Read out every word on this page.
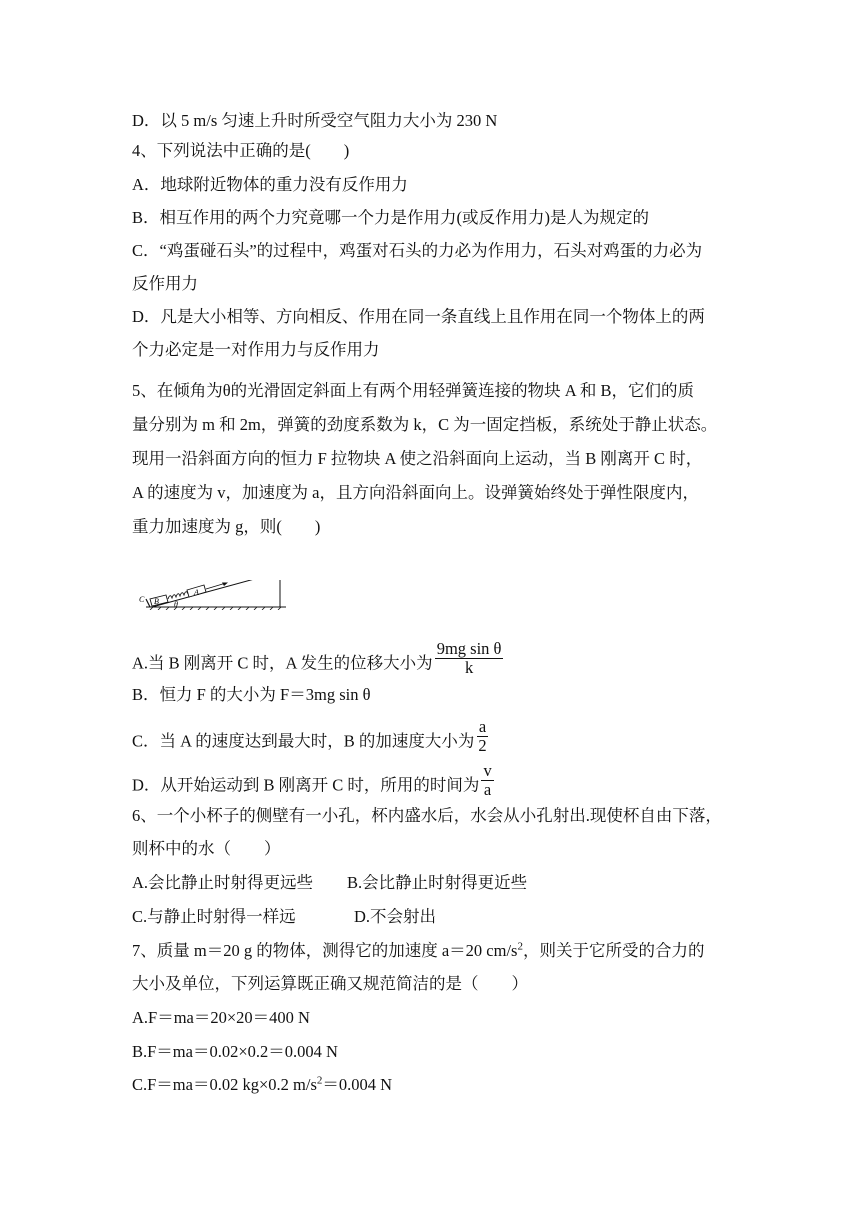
D．以 5 m/s 匀速上升时所受空气阻力大小为 230 N
4、下列说法中正确的是(　　)
A．地球附近物体的重力没有反作用力
B．相互作用的两个力究竟哪一个力是作用力(或反作用力)是人为规定的
C．“鸡蛋碰石头”的过程中，鸡蛋对石头的力必为作用力，石头对鸡蛋的力必为
反作用力
D．凡是大小相等、方向相反、作用在同一条直线上且作用在同一个物体上的两
个力必定是一对作用力与反作用力
5、在倾角为θ的光滑固定斜面上有两个用轻弹簧连接的物块 A 和 B，它们的质
量分别为 m 和 2m，弹簧的劲度系数为 k，C 为一固定挡板，系统处于静止状态。
现用一沿斜面方向的恒力 F 拉物块 A 使之沿斜面向上运动，当 B 刚离开 C 时，
A 的速度为 v，加速度为 a，且方向沿斜面向上。设弹簧始终处于弹性限度内，
重力加速度为 g，则(　　)
C B
A
θ
A.当 B 刚离开 C 时，A 发生的位移大小为 $\frac{\text{9mg sin θ}}{k}$
B．恒力 F 的大小为 F＝3mg sin θ
C．当 A 的速度达到最大时，B 的加速度大小为 $\frac{a}{2}$
D．从开始运动到 B 刚离开 C 时，所用的时间为 $\frac{v}{a}$
6、一个小杯子的侧壁有一小孔，杯内盛水后，水会从小孔射出.现使杯自由下落，
则杯中的水（　　）
A.会比静止时射得更远些 B.会比静止时射得更近些
C.与静止时射得一样远	D.不会射出
7、质量 m＝20 g 的物体，测得它的加速度 a＝20 $cm/s^2$，则关于它所受的合力的
大小及单位，下列运算既正确又规范简洁的是（　　）
A.F＝ma＝20×20＝400 N
B.F＝ma＝0.02×0.2＝0.004 N
C.F＝ma＝0.02 kg×0.2 $m/s^2=0.004$ N
